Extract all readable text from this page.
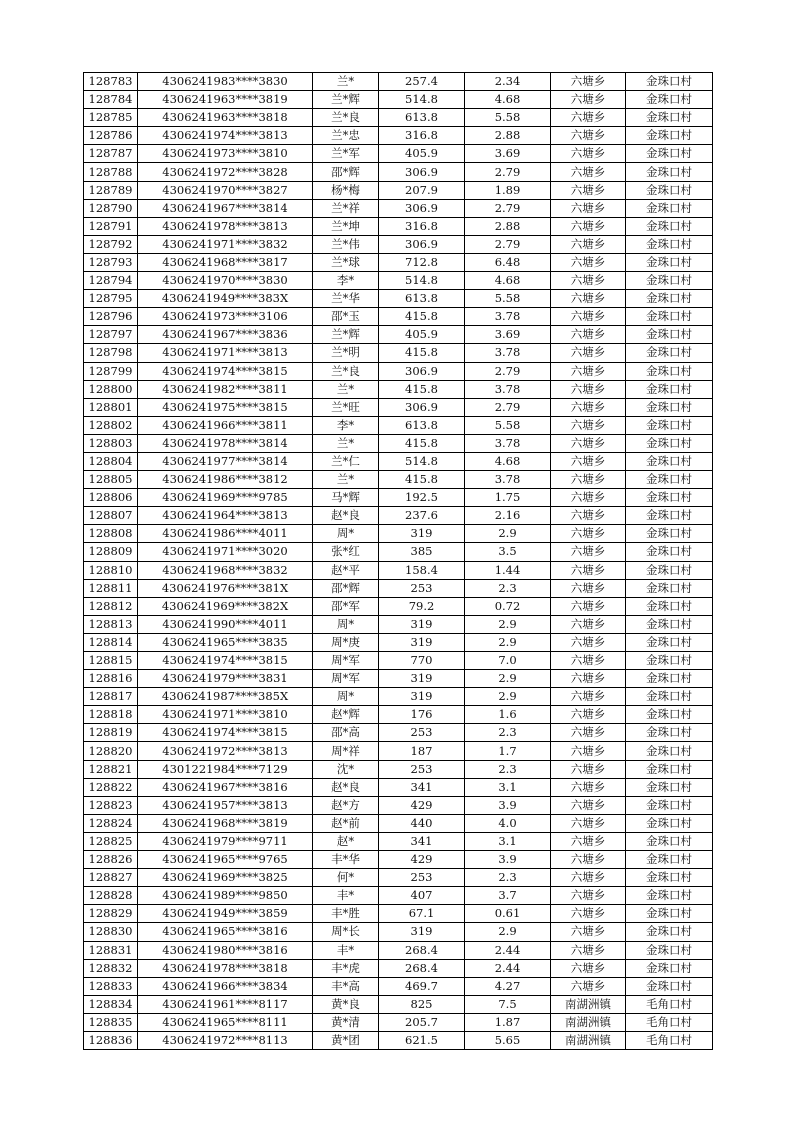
128783	4306241983****3830	兰*	257.4	2.34	六塘乡	金珠口村
128784	4306241963****3819	兰*辉	514.8	4.68	六塘乡	金珠口村
128785	4306241963****3818	兰*良	613.8	5.58	六塘乡	金珠口村
128786	4306241974****3813	兰*忠	316.8	2.88	六塘乡	金珠口村
128787	4306241973****3810	兰*军	405.9	3.69	六塘乡	金珠口村
128788	4306241972****3828	邵*辉	306.9	2.79	六塘乡	金珠口村
128789	4306241970****3827	杨*梅	207.9	1.89	六塘乡	金珠口村
128790	4306241967****3814	兰*祥	306.9	2.79	六塘乡	金珠口村
128791	4306241978****3813	兰*坤	316.8	2.88	六塘乡	金珠口村
128792	4306241971****3832	兰*伟	306.9	2.79	六塘乡	金珠口村
128793	4306241968****3817	兰*球	712.8	6.48	六塘乡	金珠口村
128794	4306241970****3830	李*	514.8	4.68	六塘乡	金珠口村
128795	4306241949****383X	兰*华	613.8	5.58	六塘乡	金珠口村
128796	4306241973****3106	邵*玉	415.8	3.78	六塘乡	金珠口村
128797	4306241967****3836	兰*辉	405.9	3.69	六塘乡	金珠口村
128798	4306241971****3813	兰*明	415.8	3.78	六塘乡	金珠口村
128799	4306241974****3815	兰*良	306.9	2.79	六塘乡	金珠口村
128800	4306241982****3811	兰*	415.8	3.78	六塘乡	金珠口村
128801	4306241975****3815	兰*旺	306.9	2.79	六塘乡	金珠口村
128802	4306241966****3811	李*	613.8	5.58	六塘乡	金珠口村
128803	4306241978****3814	兰*	415.8	3.78	六塘乡	金珠口村
128804	4306241977****3814	兰*仁	514.8	4.68	六塘乡	金珠口村
128805	4306241986****3812	兰*	415.8	3.78	六塘乡	金珠口村
128806	4306241969****9785	马*辉	192.5	1.75	六塘乡	金珠口村
128807	4306241964****3813	赵*良	237.6	2.16	六塘乡	金珠口村
128808	4306241986****4011	周*	319	2.9	六塘乡	金珠口村
128809	4306241971****3020	张*红	385	3.5	六塘乡	金珠口村
128810	4306241968****3832	赵*平	158.4	1.44	六塘乡	金珠口村
128811	4306241976****381X	邵*辉	253	2.3	六塘乡	金珠口村
128812	4306241969****382X	邵*军	79.2	0.72	六塘乡	金珠口村
128813	4306241990****4011	周*	319	2.9	六塘乡	金珠口村
128814	4306241965****3835	周*庚	319	2.9	六塘乡	金珠口村
128815	4306241974****3815	周*军	770	7.0	六塘乡	金珠口村
128816	4306241979****3831	周*军	319	2.9	六塘乡	金珠口村
128817	4306241987****385X	周*	319	2.9	六塘乡	金珠口村
128818	4306241971****3810	赵*辉	176	1.6	六塘乡	金珠口村
128819	4306241974****3815	邵*高	253	2.3	六塘乡	金珠口村
128820	4306241972****3813	周*祥	187	1.7	六塘乡	金珠口村
128821	4301221984****7129	沈*	253	2.3	六塘乡	金珠口村
128822	4306241967****3816	赵*良	341	3.1	六塘乡	金珠口村
128823	4306241957****3813	赵*方	429	3.9	六塘乡	金珠口村
128824	4306241968****3819	赵*前	440	4.0	六塘乡	金珠口村
128825	4306241979****9711	赵*	341	3.1	六塘乡	金珠口村
128826	4306241965****9765	丰*华	429	3.9	六塘乡	金珠口村
128827	4306241969****3825	何*	253	2.3	六塘乡	金珠口村
128828	4306241989****9850	丰*	407	3.7	六塘乡	金珠口村
128829	4306241949****3859	丰*胜	67.1	0.61	六塘乡	金珠口村
128830	4306241965****3816	周*长	319	2.9	六塘乡	金珠口村
128831	4306241980****3816	丰*	268.4	2.44	六塘乡	金珠口村
128832	4306241978****3818	丰*虎	268.4	2.44	六塘乡	金珠口村
128833	4306241966****3834	丰*高	469.7	4.27	六塘乡	金珠口村
128834	4306241961****8117	黄*良	825	7.5	南湖洲镇	毛角口村
128835	4306241965****8111	黄*清	205.7	1.87	南湖洲镇	毛角口村
128836	4306241972****8113	黄*团	621.5	5.65	南湖洲镇	毛角口村
